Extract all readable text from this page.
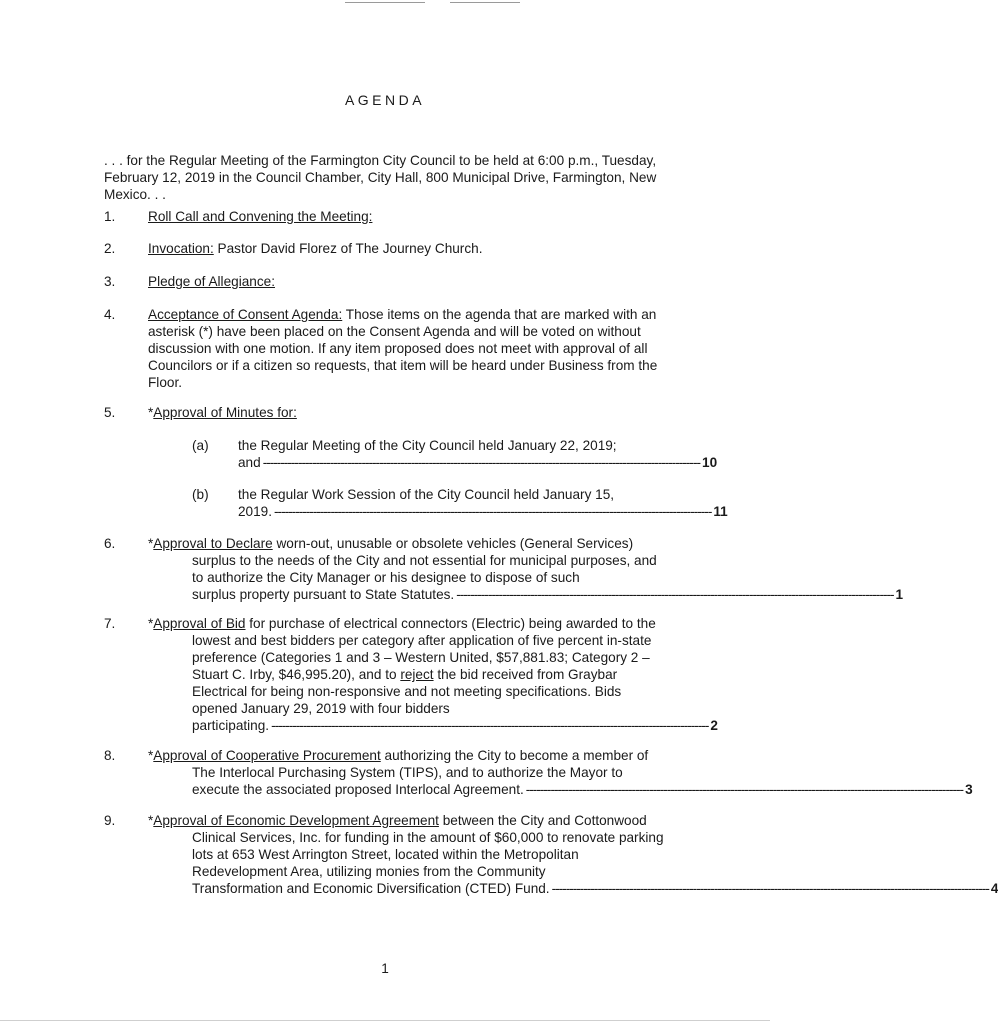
AGENDA
. . . for the Regular Meeting of the Farmington City Council to be held at 6:00 p.m., Tuesday, February 12, 2019 in the Council Chamber, City Hall, 800 Municipal Drive, Farmington, New Mexico. . .
1.	Roll Call and Convening the Meeting:
2.	Invocation: Pastor David Florez of The Journey Church.
3.	Pledge of Allegiance:
4.	Acceptance of Consent Agenda: Those items on the agenda that are marked with an asterisk (*) have been placed on the Consent Agenda and will be voted on without discussion with one motion. If any item proposed does not meet with approval of all Councilors or if a citizen so requests, that item will be heard under Business from the Floor.
5.	*Approval of Minutes for:
(a) the Regular Meeting of the City Council held January 22, 2019;
and ---------------------------------------------------------------------------------------------------------------------------- 10
(b) the Regular Work Session of the City Council held January 15,
2019. ---------------------------------------------------------------------------------------------------------------------------- 11
6.	*Approval to Declare worn-out, unusable or obsolete vehicles (General Services) surplus to the needs of the City and not essential for municipal purposes, and to authorize the City Manager or his designee to dispose of such
surplus property pursuant to State Statutes. ---------------------------------------------------------------------------------------------------------------------------- 1
7.	*Approval of Bid for purchase of electrical connectors (Electric) being awarded to the lowest and best bidders per category after application of five percent in-state preference (Categories 1 and 3 – Western United, $57,881.83; Category 2 – Stuart C. Irby, $46,995.20), and to reject the bid received from Graybar Electrical for being non-responsive and not meeting specifications. Bids opened January 29, 2019 with four bidders
participating. ---------------------------------------------------------------------------------------------------------------------------- 2
8.	*Approval of Cooperative Procurement authorizing the City to become a member of The Interlocal Purchasing System (TIPS), and to authorize the Mayor to
execute the associated proposed Interlocal Agreement. ---------------------------------------------------------------------------------------------------------------------------- 3
9.	*Approval of Economic Development Agreement between the City and Cottonwood Clinical Services, Inc. for funding in the amount of $60,000 to renovate parking lots at 653 West Arrington Street, located within the Metropolitan Redevelopment Area, utilizing monies from the Community
Transformation and Economic Diversification (CTED) Fund. ---------------------------------------------------------------------------------------------------------------------------- 4
1
